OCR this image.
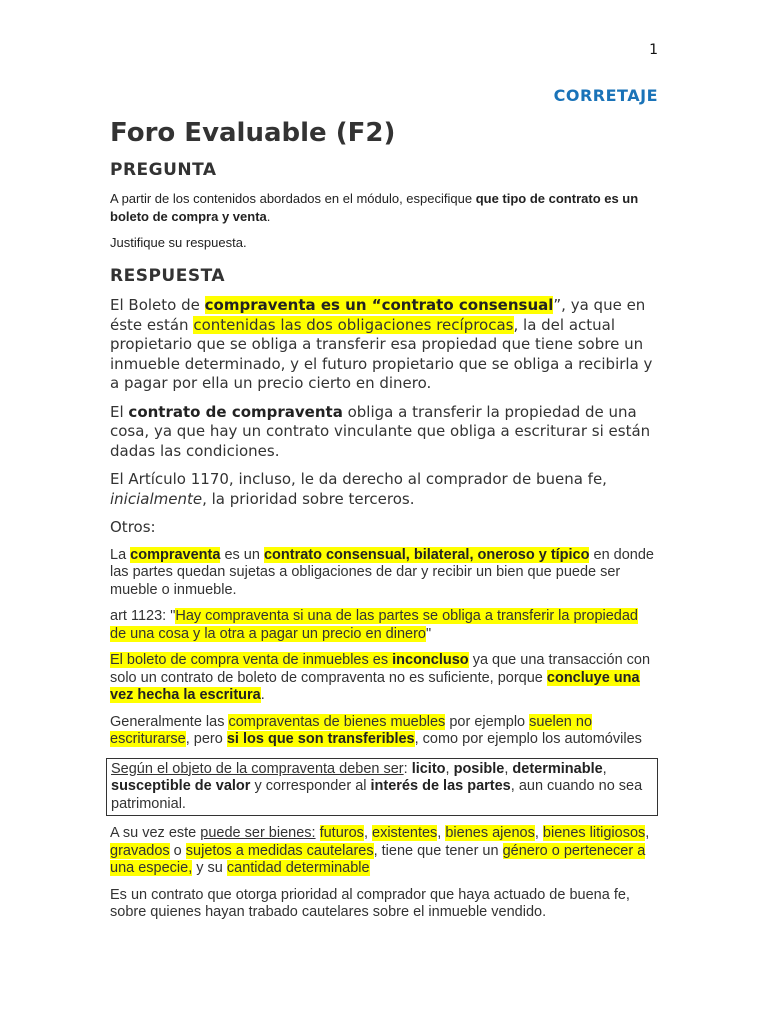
1
CORRETAJE
Foro Evaluable (F2)
PREGUNTA

A partir de los contenidos abordados en el módulo, especifique que tipo de contrato es un boleto de compra y venta.

Justifique su respuesta.

RESPUESTA

El Boleto de compraventa es un “contrato consensual”, ya que en éste están contenidas las dos obligaciones recíprocas, la del actual propietario que se obliga a transferir esa propiedad que tiene sobre un inmueble determinado, y el futuro propietario que se obliga a recibirla y a pagar por ella un precio cierto en dinero.

El contrato de compraventa obliga a transferir la propiedad de una cosa, ya que hay un contrato vinculante que obliga a escriturar si están dadas las condiciones.

El Artículo 1170, incluso, le da derecho al comprador de buena fe, inicialmente, la prioridad sobre terceros.

Otros:

La compraventa es un contrato consensual, bilateral, oneroso y típico en donde las partes quedan sujetas a obligaciones de dar y recibir un bien que puede ser mueble o inmueble.

art 1123: "Hay compraventa si una de las partes se obliga a transferir la propiedad de una cosa y la otra a pagar un precio en dinero"

El boleto de compra venta de inmuebles es inconcluso ya que una transacción con solo un contrato de boleto de compraventa no es suficiente, porque concluye una vez hecha la escritura.

Generalmente las compraventas de bienes muebles por ejemplo suelen no escriturarse, pero si los que son transferibles, como por ejemplo los automóviles

Según el objeto de la compraventa deben ser: licito, posible, determinable, susceptible de valor y corresponder al interés de las partes, aun cuando no sea patrimonial.

A su vez este puede ser bienes: futuros, existentes, bienes ajenos, bienes litigiosos, gravados o sujetos a medidas cautelares, tiene que tener un género o pertenecer a una especie, y su cantidad determinable

Es un contrato que otorga prioridad al comprador que haya actuado de buena fe, sobre quienes hayan trabado cautelares sobre el inmueble vendido.
